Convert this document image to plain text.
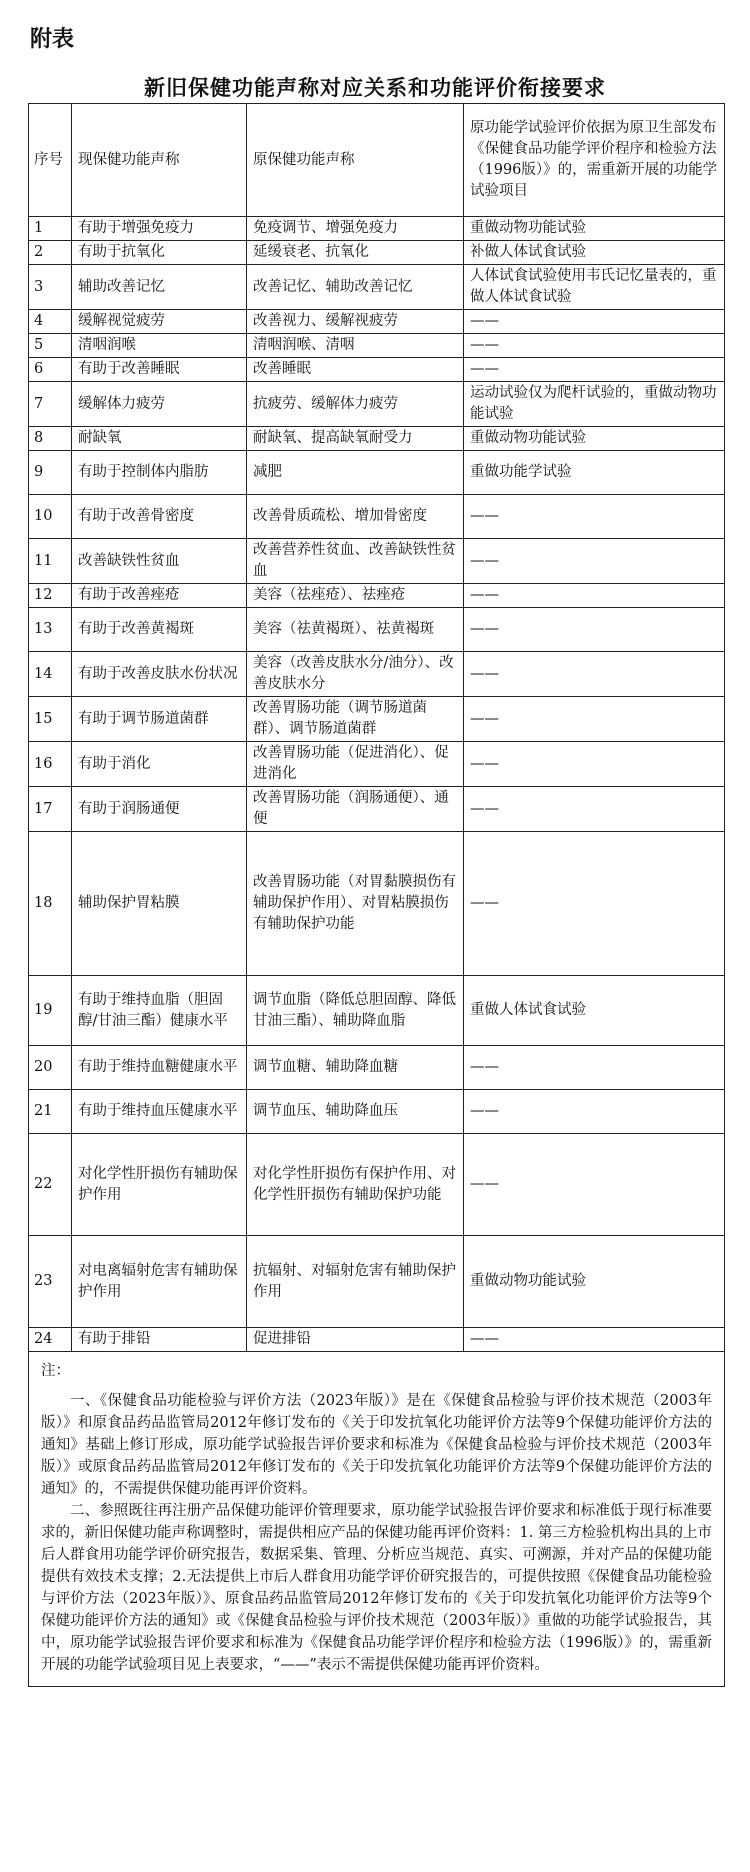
附表
新旧保健功能声称对应关系和功能评价衔接要求
序号	现保健功能声称	原保健功能声称	原功能学试验评价依据为原卫生部发布《保健食品功能学评价程序和检验方法（1996版）》的，需重新开展的功能学试验项目
1	有助于增强免疫力	免疫调节、增强免疫力	重做动物功能试验
2	有助于抗氧化	延缓衰老、抗氧化	补做人体试食试验
3	辅助改善记忆	改善记忆、辅助改善记忆	人体试食试验使用韦氏记忆量表的，重做人体试食试验
4	缓解视觉疲劳	改善视力、缓解视疲劳	——
5	清咽润喉	清咽润喉、清咽	——
6	有助于改善睡眠	改善睡眠	——
7	缓解体力疲劳	抗疲劳、缓解体力疲劳	运动试验仅为爬杆试验的，重做动物功能试验
8	耐缺氧	耐缺氧、提高缺氧耐受力	重做动物功能试验
9	有助于控制体内脂肪	减肥	重做功能学试验
10	有助于改善骨密度	改善骨质疏松、增加骨密度	——
11	改善缺铁性贫血	改善营养性贫血、改善缺铁性贫血	——
12	有助于改善痤疮	美容（祛痤疮）、祛痤疮	——
13	有助于改善黄褐斑	美容（祛黄褐斑）、祛黄褐斑	——
14	有助于改善皮肤水份状况	美容（改善皮肤水分/油分）、改善皮肤水分	——
15	有助于调节肠道菌群	改善胃肠功能（调节肠道菌群）、调节肠道菌群	——
16	有助于消化	改善胃肠功能（促进消化）、促进消化	——
17	有助于润肠通便	改善胃肠功能（润肠通便）、通便	——
18	辅助保护胃粘膜	改善胃肠功能（对胃黏膜损伤有辅助保护作用）、对胃粘膜损伤有辅助保护功能	——
19	有助于维持血脂（胆固醇/甘油三酯）健康水平	调节血脂（降低总胆固醇、降低甘油三酯）、辅助降血脂	重做人体试食试验
20	有助于维持血糖健康水平	调节血糖、辅助降血糖	——
21	有助于维持血压健康水平	调节血压、辅助降血压	——
22	对化学性肝损伤有辅助保护作用	对化学性肝损伤有保护作用、对化学性肝损伤有辅助保护功能	——
23	对电离辐射危害有辅助保护作用	抗辐射、对辐射危害有辅助保护作用	重做动物功能试验
24	有助于排铅	促进排铅	——

注：

一、《保健食品功能检验与评价方法（2023年版）》是在《保健食品检验与评价技术规范（2003年版）》和原食品药品监管局2012年修订发布的《关于印发抗氧化功能评价方法等9个保健功能评价方法的通知》基础上修订形成，原功能学试验报告评价要求和标准为《保健食品检验与评价技术规范（2003年版）》或原食品药品监管局2012年修订发布的《关于印发抗氧化功能评价方法等9个保健功能评价方法的通知》的，不需提供保健功能再评价资料。

二、参照既往再注册产品保健功能评价管理要求，原功能学试验报告评价要求和标准低于现行标准要求的，新旧保健功能声称调整时，需提供相应产品的保健功能再评价资料：1. 第三方检验机构出具的上市后人群食用功能学评价研究报告，数据采集、管理、分析应当规范、真实、可溯源，并对产品的保健功能提供有效技术支撑；2.无法提供上市后人群食用功能学评价研究报告的，可提供按照《保健食品功能检验与评价方法（2023年版）》、原食品药品监管局2012年修订发布的《关于印发抗氧化功能评价方法等9个保健功能评价方法的通知》或《保健食品检验与评价技术规范（2003年版）》重做的功能学试验报告，其中，原功能学试验报告评价要求和标准为《保健食品功能学评价程序和检验方法（1996版）》的，需重新开展的功能学试验项目见上表要求，“——”表示不需提供保健功能再评价资料。			
